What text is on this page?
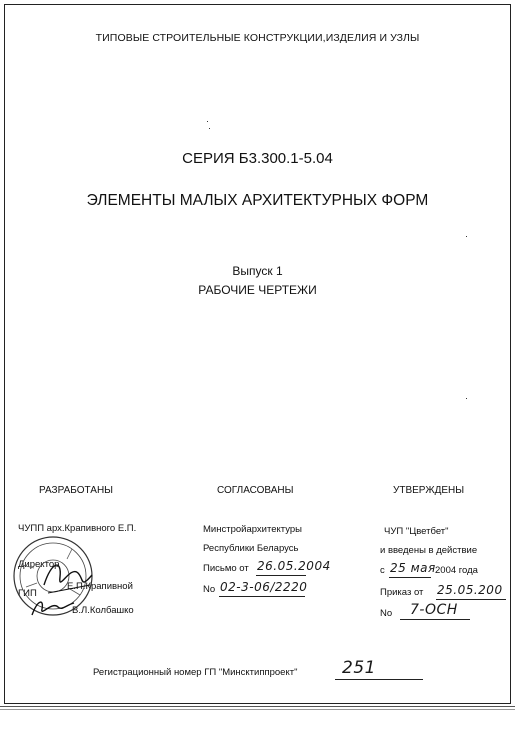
ТИПОВЫЕ СТРОИТЕЛЬНЫЕ КОНСТРУКЦИИ,ИЗДЕЛИЯ И УЗЛЫ
СЕРИЯ Б3.300.1-5.04
ЭЛЕМЕНТЫ МАЛЫХ АРХИТЕКТУРНЫХ ФОРМ
Выпуск 1
РАБОЧИЕ ЧЕРТЕЖИ
РАЗРАБОТАНЫ	СОГЛАСОВАНЫ	УТВЕРЖДЕНЫ
ЧУПП арх.Крапивного Е.П.
Директор
Е.П.Крапивной
ГИП
В.Л.Колбашко
Минстройархитектуры
Республики Беларусь
Письмо от 26.05.2004
No 02-3-06/2220
ЧУП "Цветбет"
и введены в действие
с 25 мая 2004 года
Приказ от 25.05.200
No 7-ОСН
Регистрационный номер ГП "Минсктиппроект"	251
